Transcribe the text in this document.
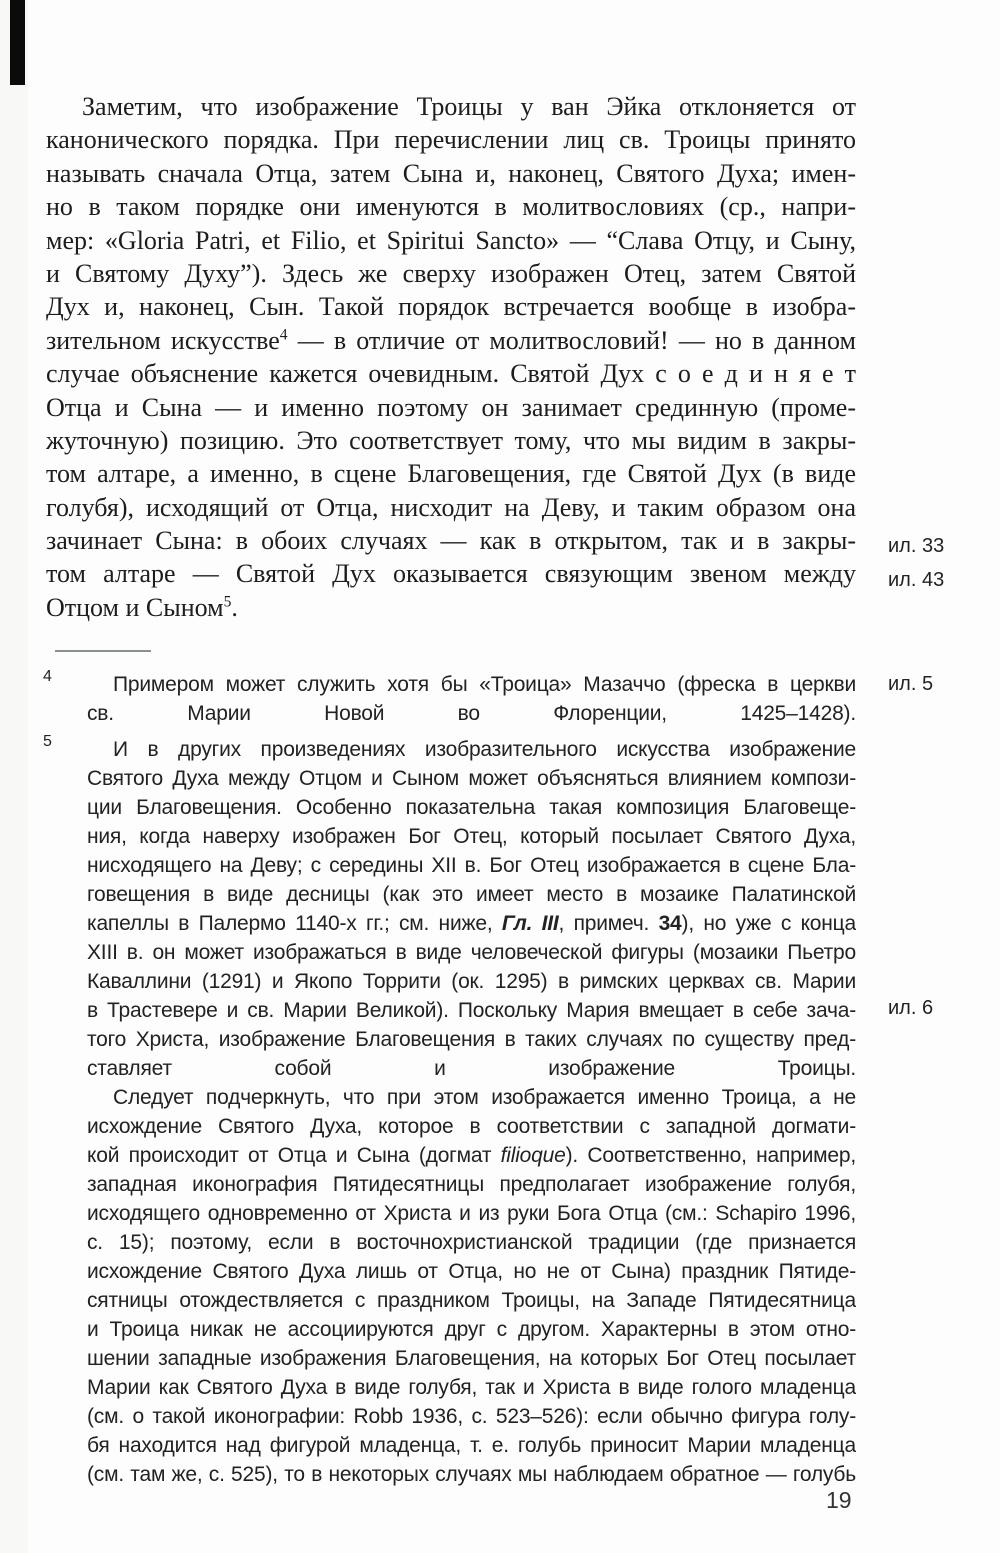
Заметим, что изображение Троицы у ван Эйка отклоняется от
канонического порядка. При перечислении лиц св. Троицы принято
называть сначала Отца, затем Сына и, наконец, Святого Духа; имен-
но в таком порядке они именуются в молитвословиях (ср., напри-
мер: «Gloria Patri, et Filio, et Spiritui Sancto» — “Слава Отцу, и Сыну,
и Святому Духу”). Здесь же сверху изображен Отец, затем Святой
Дух и, наконец, Сын. Такой порядок встречается вообще в изобра-
зительном искусстве$^4$ — в отличие от молитвословий! — но в данном
случае объяснение кажется очевидным. Святой Дух с о е д и н я е т
Отца и Сына — и именно поэтому он занимает срединную (проме-
жуточную) позицию. Это соответствует тому, что мы видим в закры-
том алтаре, а именно, в сцене Благовещения, где Святой Дух (в виде
голубя), исходящий от Отца, нисходит на Деву, и таким образом она
зачинает Сына: в обоих случаях — как в открытом, так и в закры-
том алтаре — Святой Дух оказывается связующим звеном между
Отцом и Сыном$^5$.
ил. 33
ил. 43
ил. 5
ил. 6
4	Примером может служить хотя бы «Троица» Мазаччо (фреска в церкви
св. Марии Новой во Флоренции, 1425–1428).
5	И в других произведениях изобразительного искусства изображение
Святого Духа между Отцом и Сыном может объясняться влиянием компози-
ции Благовещения. Особенно показательна такая композиция Благовеще-
ния, когда наверху изображен Бог Отец, который посылает Святого Духа,
нисходящего на Деву; с середины XII в. Бог Отец изображается в сцене Бла-
говещения в виде десницы (как это имеет место в мозаике Палатинской
капеллы в Палермо 1140-х гг.; см. ниже, Гл. III, примеч. 34), но уже с конца
XIII в. он может изображаться в виде человеческой фигуры (мозаики Пьетро
Каваллини (1291) и Якопо Торрити (ок. 1295) в римских церквах св. Марии
в Трастевере и св. Марии Великой). Поскольку Мария вмещает в себе зача-
того Христа, изображение Благовещения в таких случаях по существу пред-
ставляет собой и изображение Троицы.
Следует подчеркнуть, что при этом изображается именно Троица, а не
исхождение Святого Духа, которое в соответствии с западной догмати-
кой происходит от Отца и Сына (догмат filioque). Соответственно, например,
западная иконография Пятидесятницы предполагает изображение голубя,
исходящего одновременно от Христа и из руки Бога Отца (см.: Schapiro 1996,
с. 15); поэтому, если в восточнохристианской традиции (где признается
исхождение Святого Духа лишь от Отца, но не от Сына) праздник Пятиде-
сятницы отождествляется с праздником Троицы, на Западе Пятидесятница
и Троица никак не ассоциируются друг с другом. Характерны в этом отно-
шении западные изображения Благовещения, на которых Бог Отец посылает
Марии как Святого Духа в виде голубя, так и Христа в виде голого младенца
(см. о такой иконографии: Robb 1936, с. 523–526): если обычно фигура голу-
бя находится над фигурой младенца, т. е. голубь приносит Марии младенца
(см. там же, с. 525), то в некоторых случаях мы наблюдаем обратное — голубь
19
